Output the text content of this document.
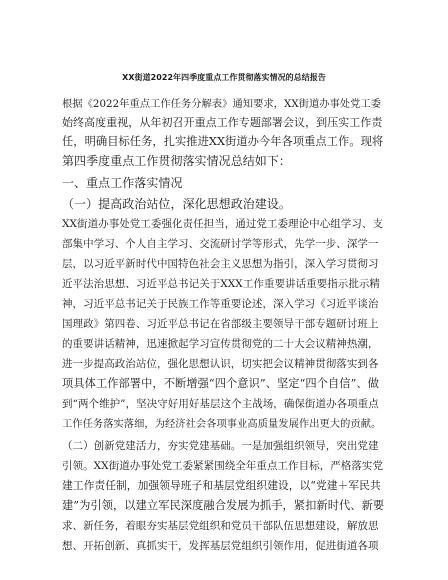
XX街道2022年四季度重点工作贯彻落实情况的总结报告
根据《2022年重点工作任务分解表》通知要求，XX街道办事处党工委
始终高度重视，从年初召开重点工作专题部署会议，到压实工作责
任，明确目标任务，扎实推进XX街道办今年各项重点工作。现将
第四季度重点工作贯彻落实情况总结如下：
一、重点工作落实情况
（一）提高政治站位，深化思想政治建设。
XX街道办事处党工委强化责任担当，通过党工委理论中心组学习、支
部集中学习、个人自主学习、交流研讨学等形式，先学一步、深学一
层，以习近平新时代中国特色社会主义思想为指引，深入学习贯彻习
近平法治思想、习近平总书记关于XXX工作重要讲话重要指示批示精
神，习近平总书记关于民族工作等重要论述，深入学习《习近平谈治
国理政》第四卷、习近平总书记在省部级主要领导干部专题研讨班上
的重要讲话精神，迅速掀起学习宣传贯彻党的二十大会议精神热潮，
进一步提高政治站位，强化思想认识，切实把会议精神贯彻落实到各
项具体工作部署中，不断增强“四个意识”、坚定“四个自信”、做
到“两个维护”，坚决守好用好基层这个主战场，确保街道办各项重点
工作任务落实落细，为经济社会各项事业高质量发展作出更大的贡献。
（二）创新党建活力，夯实党建基础。一是加强组织领导，突出党建
引领。XX街道办事处党工委紧紧围绕全年重点工作目标，严格落实党
建工作责任制，加强领导班子和基层党组织建设，以“党建＋军民共
建”为引领，以建立军民深度融合发展为抓手，紧扣新时代、新要
求、新任务，着眼夯实基层党组织和党员干部队伍思想建设，解放思
想、开拓创新、真抓实干，发挥基层党组织引领作用，促进街道各项
